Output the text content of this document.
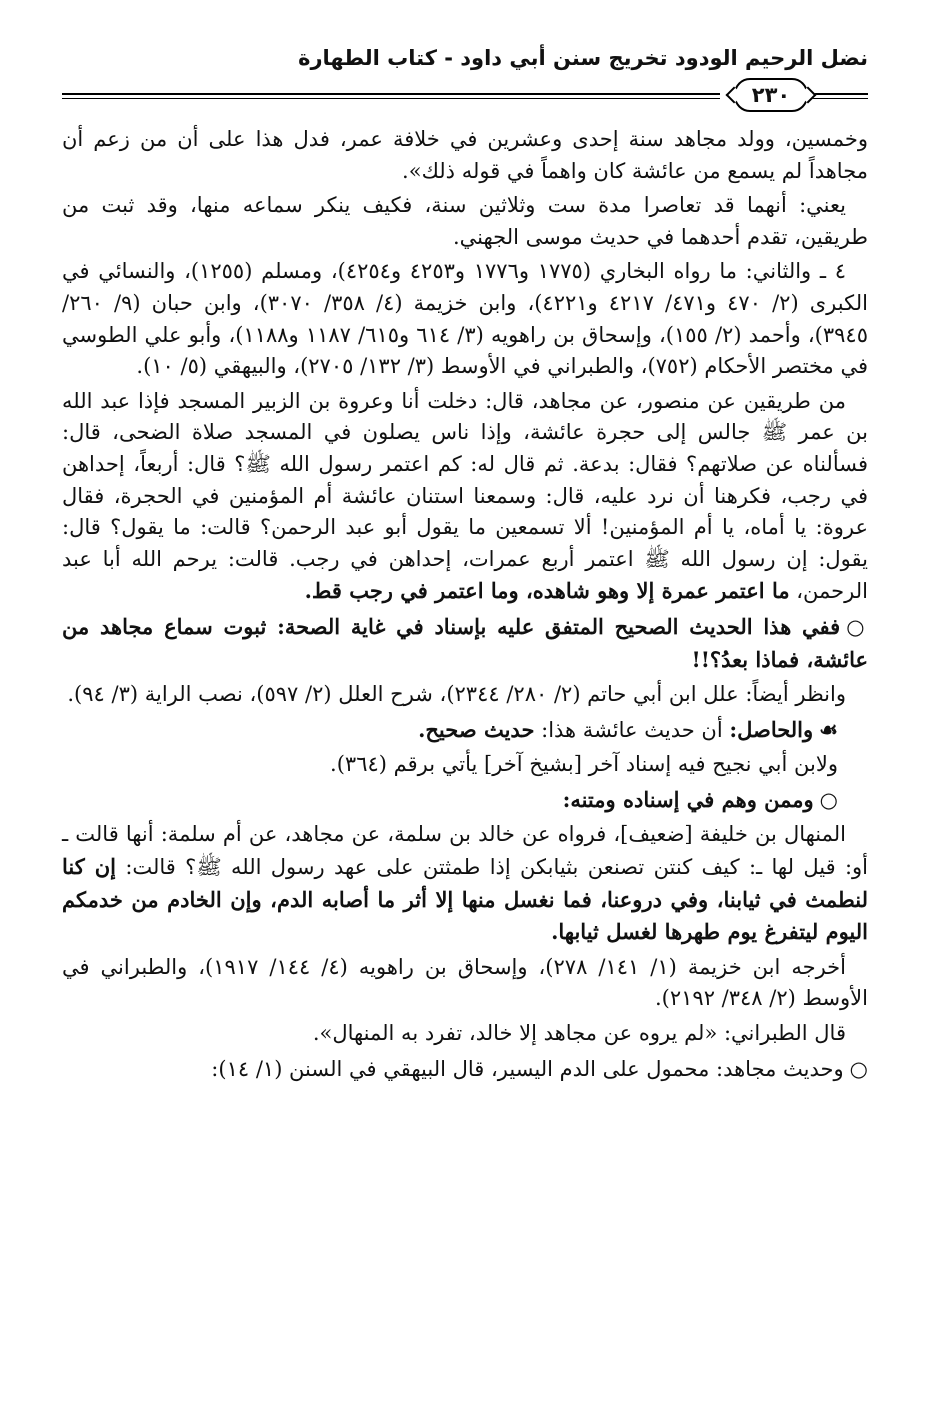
نضل الرحيم الودود تخريج سنن أبي داود - كتاب الطهارة
٢٣٠

وخمسين، وولد مجاهد سنة إحدى وعشرين في خلافة عمر، فدل هذا على أن من زعم أن مجاهداً لم يسمع من عائشة كان واهماً في قوله ذلك».

يعني: أنهما قد تعاصرا مدة ست وثلاثين سنة، فكيف ينكر سماعه منها، وقد ثبت من طريقين، تقدم أحدهما في حديث موسى الجهني.

٤ ـ والثاني: ما رواه البخاري (١٧٧٥ و١٧٧٦ و٤٢٥٣ و٤٢٥٤)، ومسلم (١٢٥٥)، والنسائي في الكبرى (٢/ ٤٧٠ و٤٧١/ ٤٢١٧ و٤٢٢١)، وابن خزيمة (٤/ ٣٥٨/ ٣٠٧٠)، وابن حبان (٩/ ٢٦٠/ ٣٩٤٥)، وأحمد (٢/ ١٥٥)، وإسحاق بن راهويه (٣/ ٦١٤ و٦١٥/ ١١٨٧ و١١٨٨)، وأبو علي الطوسي في مختصر الأحكام (٧٥٢)، والطبراني في الأوسط (٣/ ١٣٢/ ٢٧٠٥)، والبيهقي (٥/ ١٠).

من طريقين عن منصور، عن مجاهد، قال: دخلت أنا وعروة بن الزبير المسجد فإذا عبد الله بن عمر ﷺ جالس إلى حجرة عائشة، وإذا ناس يصلون في المسجد صلاة الضحى، قال: فسألناه عن صلاتهم؟ فقال: بدعة. ثم قال له: كم اعتمر رسول الله ﷺ؟ قال: أربعاً، إحداهن في رجب، فكرهنا أن نرد عليه، قال: وسمعنا استنان عائشة أم المؤمنين في الحجرة، فقال عروة: يا أماه، يا أم المؤمنين! ألا تسمعين ما يقول أبو عبد الرحمن؟ قالت: ما يقول؟ قال: يقول: إن رسول الله ﷺ اعتمر أربع عمرات، إحداهن في رجب. قالت: يرحم الله أبا عبد الرحمن، ما اعتمر عمرة إلا وهو شاهده، وما اعتمر في رجب قط.

○ففي هذا الحديث الصحيح المتفق عليه بإسناد في غاية الصحة: ثبوت سماع مجاهد من عائشة، فماذا بعدُ؟!!

وانظر أيضاً: علل ابن أبي حاتم (٢/ ٢٨٠/ ٢٣٤٤)، شرح العلل (٢/ ٥٩٧)، نصب الراية (٣/ ٩٤).

☙والحاصل: أن حديث عائشة هذا: حديث صحيح.

ولابن أبي نجيح فيه إسناد آخر [بشيخ آخر] يأتي برقم (٣٦٤).

○وممن وهم في إسناده ومتنه:

المنهال بن خليفة [ضعيف]، فرواه عن خالد بن سلمة، عن مجاهد، عن أم سلمة: أنها قالت ـ أو: قيل لها ـ: كيف كنتن تصنعن بثيابكن إذا طمثتن على عهد رسول الله ﷺ؟ قالت: إن كنا لنطمث في ثيابنا، وفي دروعنا، فما نغسل منها إلا أثر ما أصابه الدم، وإن الخادم من خدمكم اليوم ليتفرغ يوم طهرها لغسل ثيابها.

أخرجه ابن خزيمة (١/ ١٤١/ ٢٧٨)، وإسحاق بن راهويه (٤/ ١٤٤/ ١٩١٧)، والطبراني في الأوسط (٢/ ٣٤٨/ ٢١٩٢).

قال الطبراني: «لم يروه عن مجاهد إلا خالد، تفرد به المنهال».

○وحديث مجاهد: محمول على الدم اليسير، قال البيهقي في السنن (١/ ١٤):
